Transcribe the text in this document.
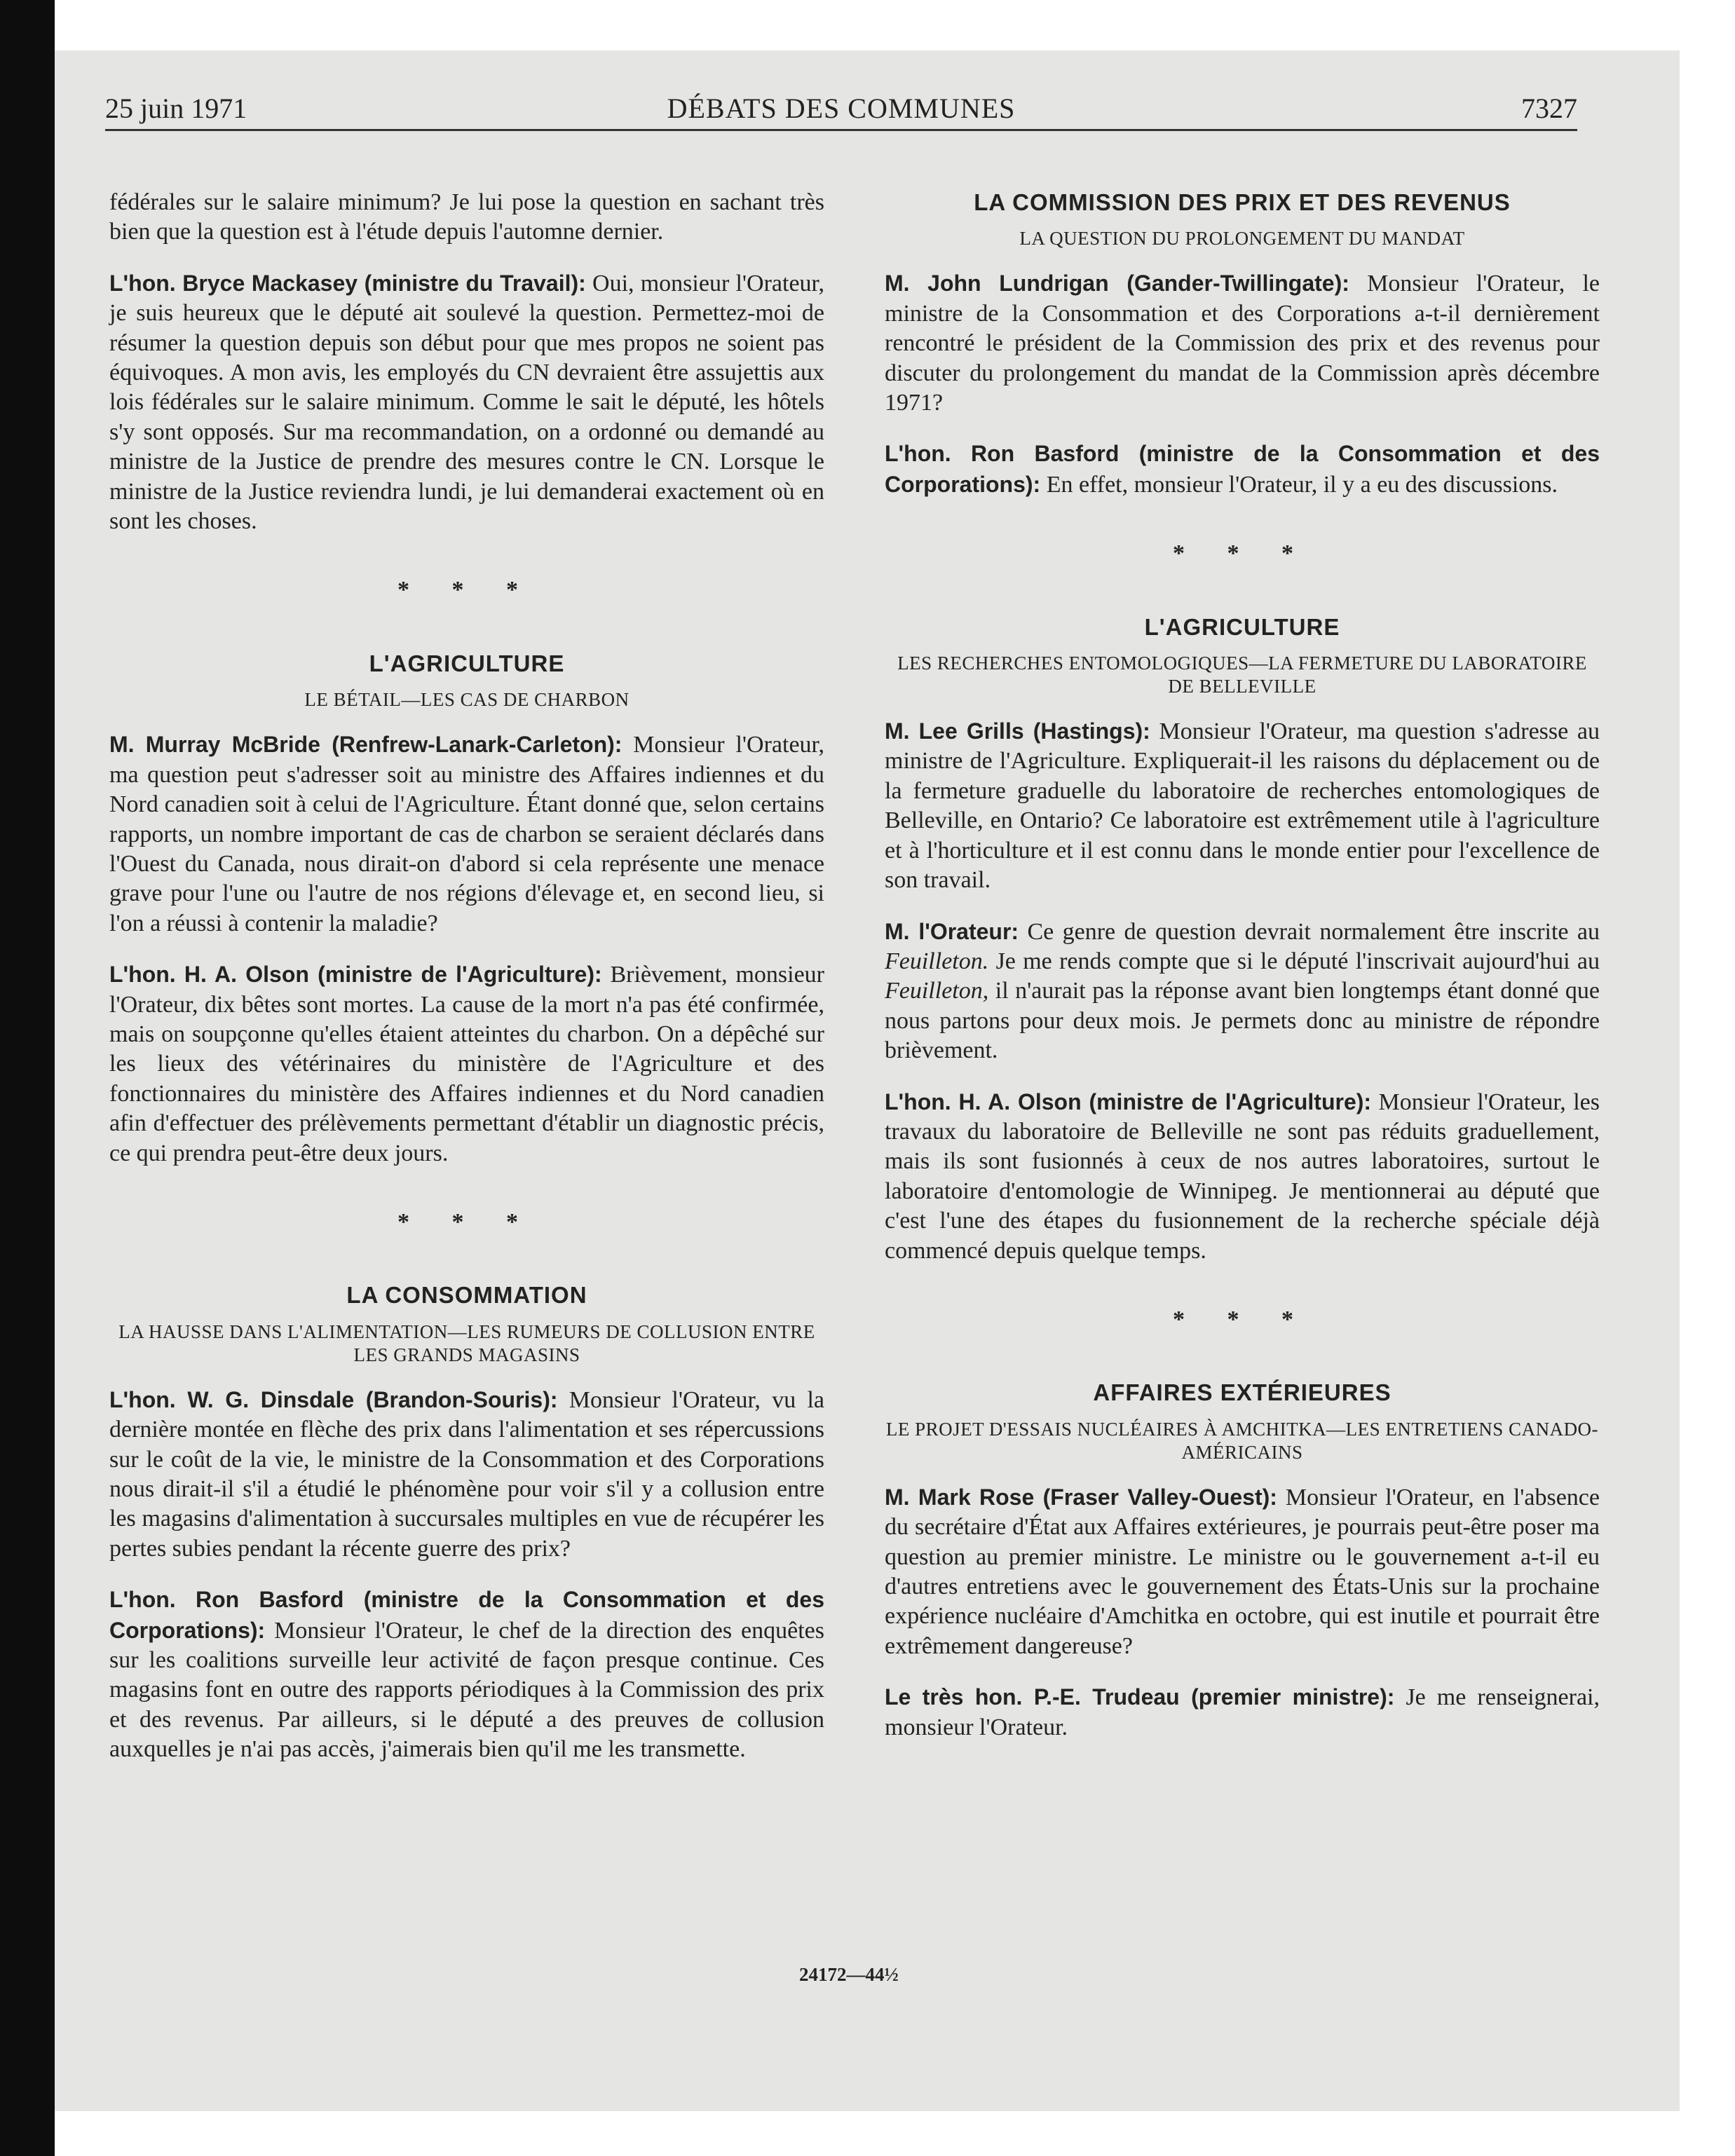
25 juin 1971	DÉBATS DES COMMUNES	7327

fédérales sur le salaire minimum? Je lui pose la question en sachant très bien que la question est à l'étude depuis l'automne dernier.

L'hon. Bryce Mackasey (ministre du Travail): Oui, monsieur l'Orateur, je suis heureux que le député ait soulevé la question. Permettez-moi de résumer la question depuis son début pour que mes propos ne soient pas équivoques. A mon avis, les employés du CN devraient être assujettis aux lois fédérales sur le salaire minimum. Comme le sait le député, les hôtels s'y sont opposés. Sur ma recommandation, on a ordonné ou demandé au ministre de la Justice de prendre des mesures contre le CN. Lorsque le ministre de la Justice reviendra lundi, je lui demanderai exactement où en sont les choses.

* * *
L'AGRICULTURE
LE BÉTAIL—LES CAS DE CHARBON

M. Murray McBride (Renfrew-Lanark-Carleton): Monsieur l'Orateur, ma question peut s'adresser soit au ministre des Affaires indiennes et du Nord canadien soit à celui de l'Agriculture. Étant donné que, selon certains rapports, un nombre important de cas de charbon se seraient déclarés dans l'Ouest du Canada, nous dirait-on d'abord si cela représente une menace grave pour l'une ou l'autre de nos régions d'élevage et, en second lieu, si l'on a réussi à contenir la maladie?

L'hon. H. A. Olson (ministre de l'Agriculture): Brièvement, monsieur l'Orateur, dix bêtes sont mortes. La cause de la mort n'a pas été confirmée, mais on soupçonne qu'elles étaient atteintes du charbon. On a dépêché sur les lieux des vétérinaires du ministère de l'Agriculture et des fonctionnaires du ministère des Affaires indiennes et du Nord canadien afin d'effectuer des prélèvements permettant d'établir un diagnostic précis, ce qui prendra peut-être deux jours.

* * *
LA CONSOMMATION
LA HAUSSE DANS L'ALIMENTATION—LES RUMEURS DE COLLUSION ENTRE LES GRANDS MAGASINS

L'hon. W. G. Dinsdale (Brandon-Souris): Monsieur l'Orateur, vu la dernière montée en flèche des prix dans l'alimentation et ses répercussions sur le coût de la vie, le ministre de la Consommation et des Corporations nous dirait-il s'il a étudié le phénomène pour voir s'il y a collusion entre les magasins d'alimentation à succursales multiples en vue de récupérer les pertes subies pendant la récente guerre des prix?

L'hon. Ron Basford (ministre de la Consommation et des Corporations): Monsieur l'Orateur, le chef de la direction des enquêtes sur les coalitions surveille leur activité de façon presque continue. Ces magasins font en outre des rapports périodiques à la Commission des prix et des revenus. Par ailleurs, si le député a des preuves de collusion auxquelles je n'ai pas accès, j'aimerais bien qu'il me les transmette.

LA COMMISSION DES PRIX ET DES REVENUS
LA QUESTION DU PROLONGEMENT DU MANDAT

M. John Lundrigan (Gander-Twillingate): Monsieur l'Orateur, le ministre de la Consommation et des Corporations a-t-il dernièrement rencontré le président de la Commission des prix et des revenus pour discuter du prolongement du mandat de la Commission après décembre 1971?

L'hon. Ron Basford (ministre de la Consommation et des Corporations): En effet, monsieur l'Orateur, il y a eu des discussions.

* * *
L'AGRICULTURE
LES RECHERCHES ENTOMOLOGIQUES—LA FERMETURE DU LABORATOIRE DE BELLEVILLE

M. Lee Grills (Hastings): Monsieur l'Orateur, ma question s'adresse au ministre de l'Agriculture. Expliquerait-il les raisons du déplacement ou de la fermeture graduelle du laboratoire de recherches entomologiques de Belleville, en Ontario? Ce laboratoire est extrêmement utile à l'agriculture et à l'horticulture et il est connu dans le monde entier pour l'excellence de son travail.

M. l'Orateur: Ce genre de question devrait normalement être inscrite au Feuilleton. Je me rends compte que si le député l'inscrivait aujourd'hui au Feuilleton, il n'aurait pas la réponse avant bien longtemps étant donné que nous partons pour deux mois. Je permets donc au ministre de répondre brièvement.

L'hon. H. A. Olson (ministre de l'Agriculture): Monsieur l'Orateur, les travaux du laboratoire de Belleville ne sont pas réduits graduellement, mais ils sont fusionnés à ceux de nos autres laboratoires, surtout le laboratoire d'entomologie de Winnipeg. Je mentionnerai au député que c'est l'une des étapes du fusionnement de la recherche spéciale déjà commencé depuis quelque temps.

* * *
AFFAIRES EXTÉRIEURES
LE PROJET D'ESSAIS NUCLÉAIRES À AMCHITKA—LES ENTRETIENS CANADO-AMÉRICAINS

M. Mark Rose (Fraser Valley-Ouest): Monsieur l'Orateur, en l'absence du secrétaire d'État aux Affaires extérieures, je pourrais peut-être poser ma question au premier ministre. Le ministre ou le gouvernement a-t-il eu d'autres entretiens avec le gouvernement des États-Unis sur la prochaine expérience nucléaire d'Amchitka en octobre, qui est inutile et pourrait être extrêmement dangereuse?

Le très hon. P.-E. Trudeau (premier ministre): Je me renseignerai, monsieur l'Orateur.

24172—44½
